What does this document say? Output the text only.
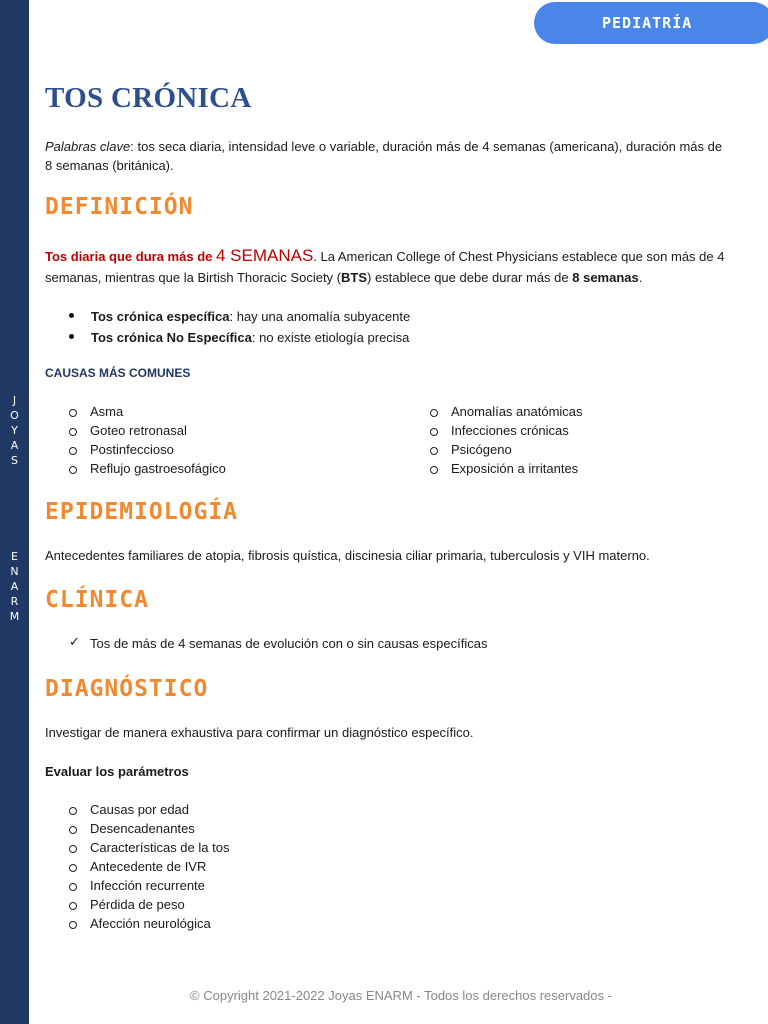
J
O
Y
A
S
E
N
A
R
M
PEDIATRÍA
TOS CRÓNICA

Palabras clave: tos seca diaria, intensidad leve o variable, duración más de 4 semanas (americana), duración más de 8 semanas (británica).

DEFINICIÓN

Tos diaria que dura más de 4 SEMANAS. La American College of Chest Physicians establece que son más de 4 semanas, mientras que la Birtish Thoracic Society (BTS) establece que debe durar más de 8 semanas.

Tos crónica específica: hay una anomalía subyacente
Tos crónica No Específica: no existe etiología precisa
CAUSAS MÁS COMUNES
Asma
Goteo retronasal
Postinfeccioso
Reflujo gastroesofágico
Anomalías anatómicas
Infecciones crónicas
Psicógeno
Exposición a irritantes
EPIDEMIOLOGÍA

Antecedentes familiares de atopia, fibrosis quística, discinesia ciliar primaria, tuberculosis y VIH materno.

CLÍNICA
✓ Tos de más de 4 semanas de evolución con o sin causas específicas
DIAGNÓSTICO

Investigar de manera exhaustiva para confirmar un diagnóstico específico.

Evaluar los parámetros

Causas por edad
Desencadenantes
Características de la tos
Antecedente de IVR
Infección recurrente
Pérdida de peso
Afección neurológica
© Copyright 2021-2022 Joyas ENARM - Todos los derechos reservados -
